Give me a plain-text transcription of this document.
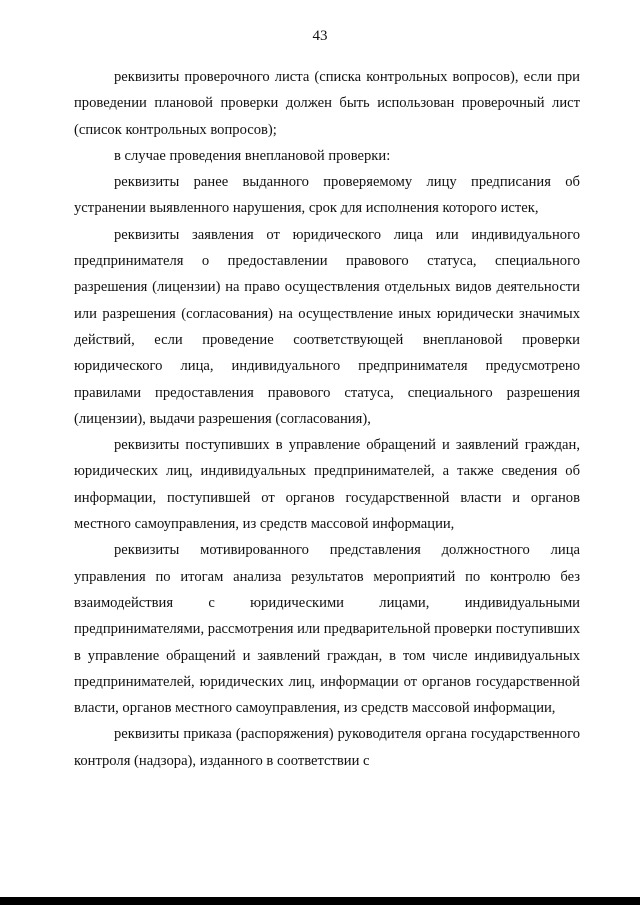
43

реквизиты проверочного листа (списка контрольных вопросов), если при проведении плановой проверки должен быть использован проверочный лист (список контрольных вопросов);

в случае проведения внеплановой проверки:

реквизиты ранее выданного проверяемому лицу предписания об устранении выявленного нарушения, срок для исполнения которого истек,

реквизиты заявления от юридического лица или индивидуального предпринимателя о предоставлении правового статуса, специального разрешения (лицензии) на право осуществления отдельных видов деятельности или разрешения (согласования) на осуществление иных юридически значимых действий, если проведение соответствующей внеплановой проверки юридического лица, индивидуального предпринимателя предусмотрено правилами предоставления правового статуса, специального разрешения (лицензии), выдачи разрешения (согласования),

реквизиты поступивших в управление обращений и заявлений граждан, юридических лиц, индивидуальных предпринимателей, а также сведения об информации, поступившей от органов государственной власти и органов местного самоуправления, из средств массовой информации,

реквизиты мотивированного представления должностного лица управления по итогам анализа результатов мероприятий по контролю без взаимодействия с юридическими лицами, индивидуальными предпринимателями, рассмотрения или предварительной проверки поступивших в управление обращений и заявлений граждан, в том числе индивидуальных предпринимателей, юридических лиц, информации от органов государственной власти, органов местного самоуправления, из средств массовой информации,

реквизиты приказа (распоряжения) руководителя органа государственного контроля (надзора), изданного в соответствии с
